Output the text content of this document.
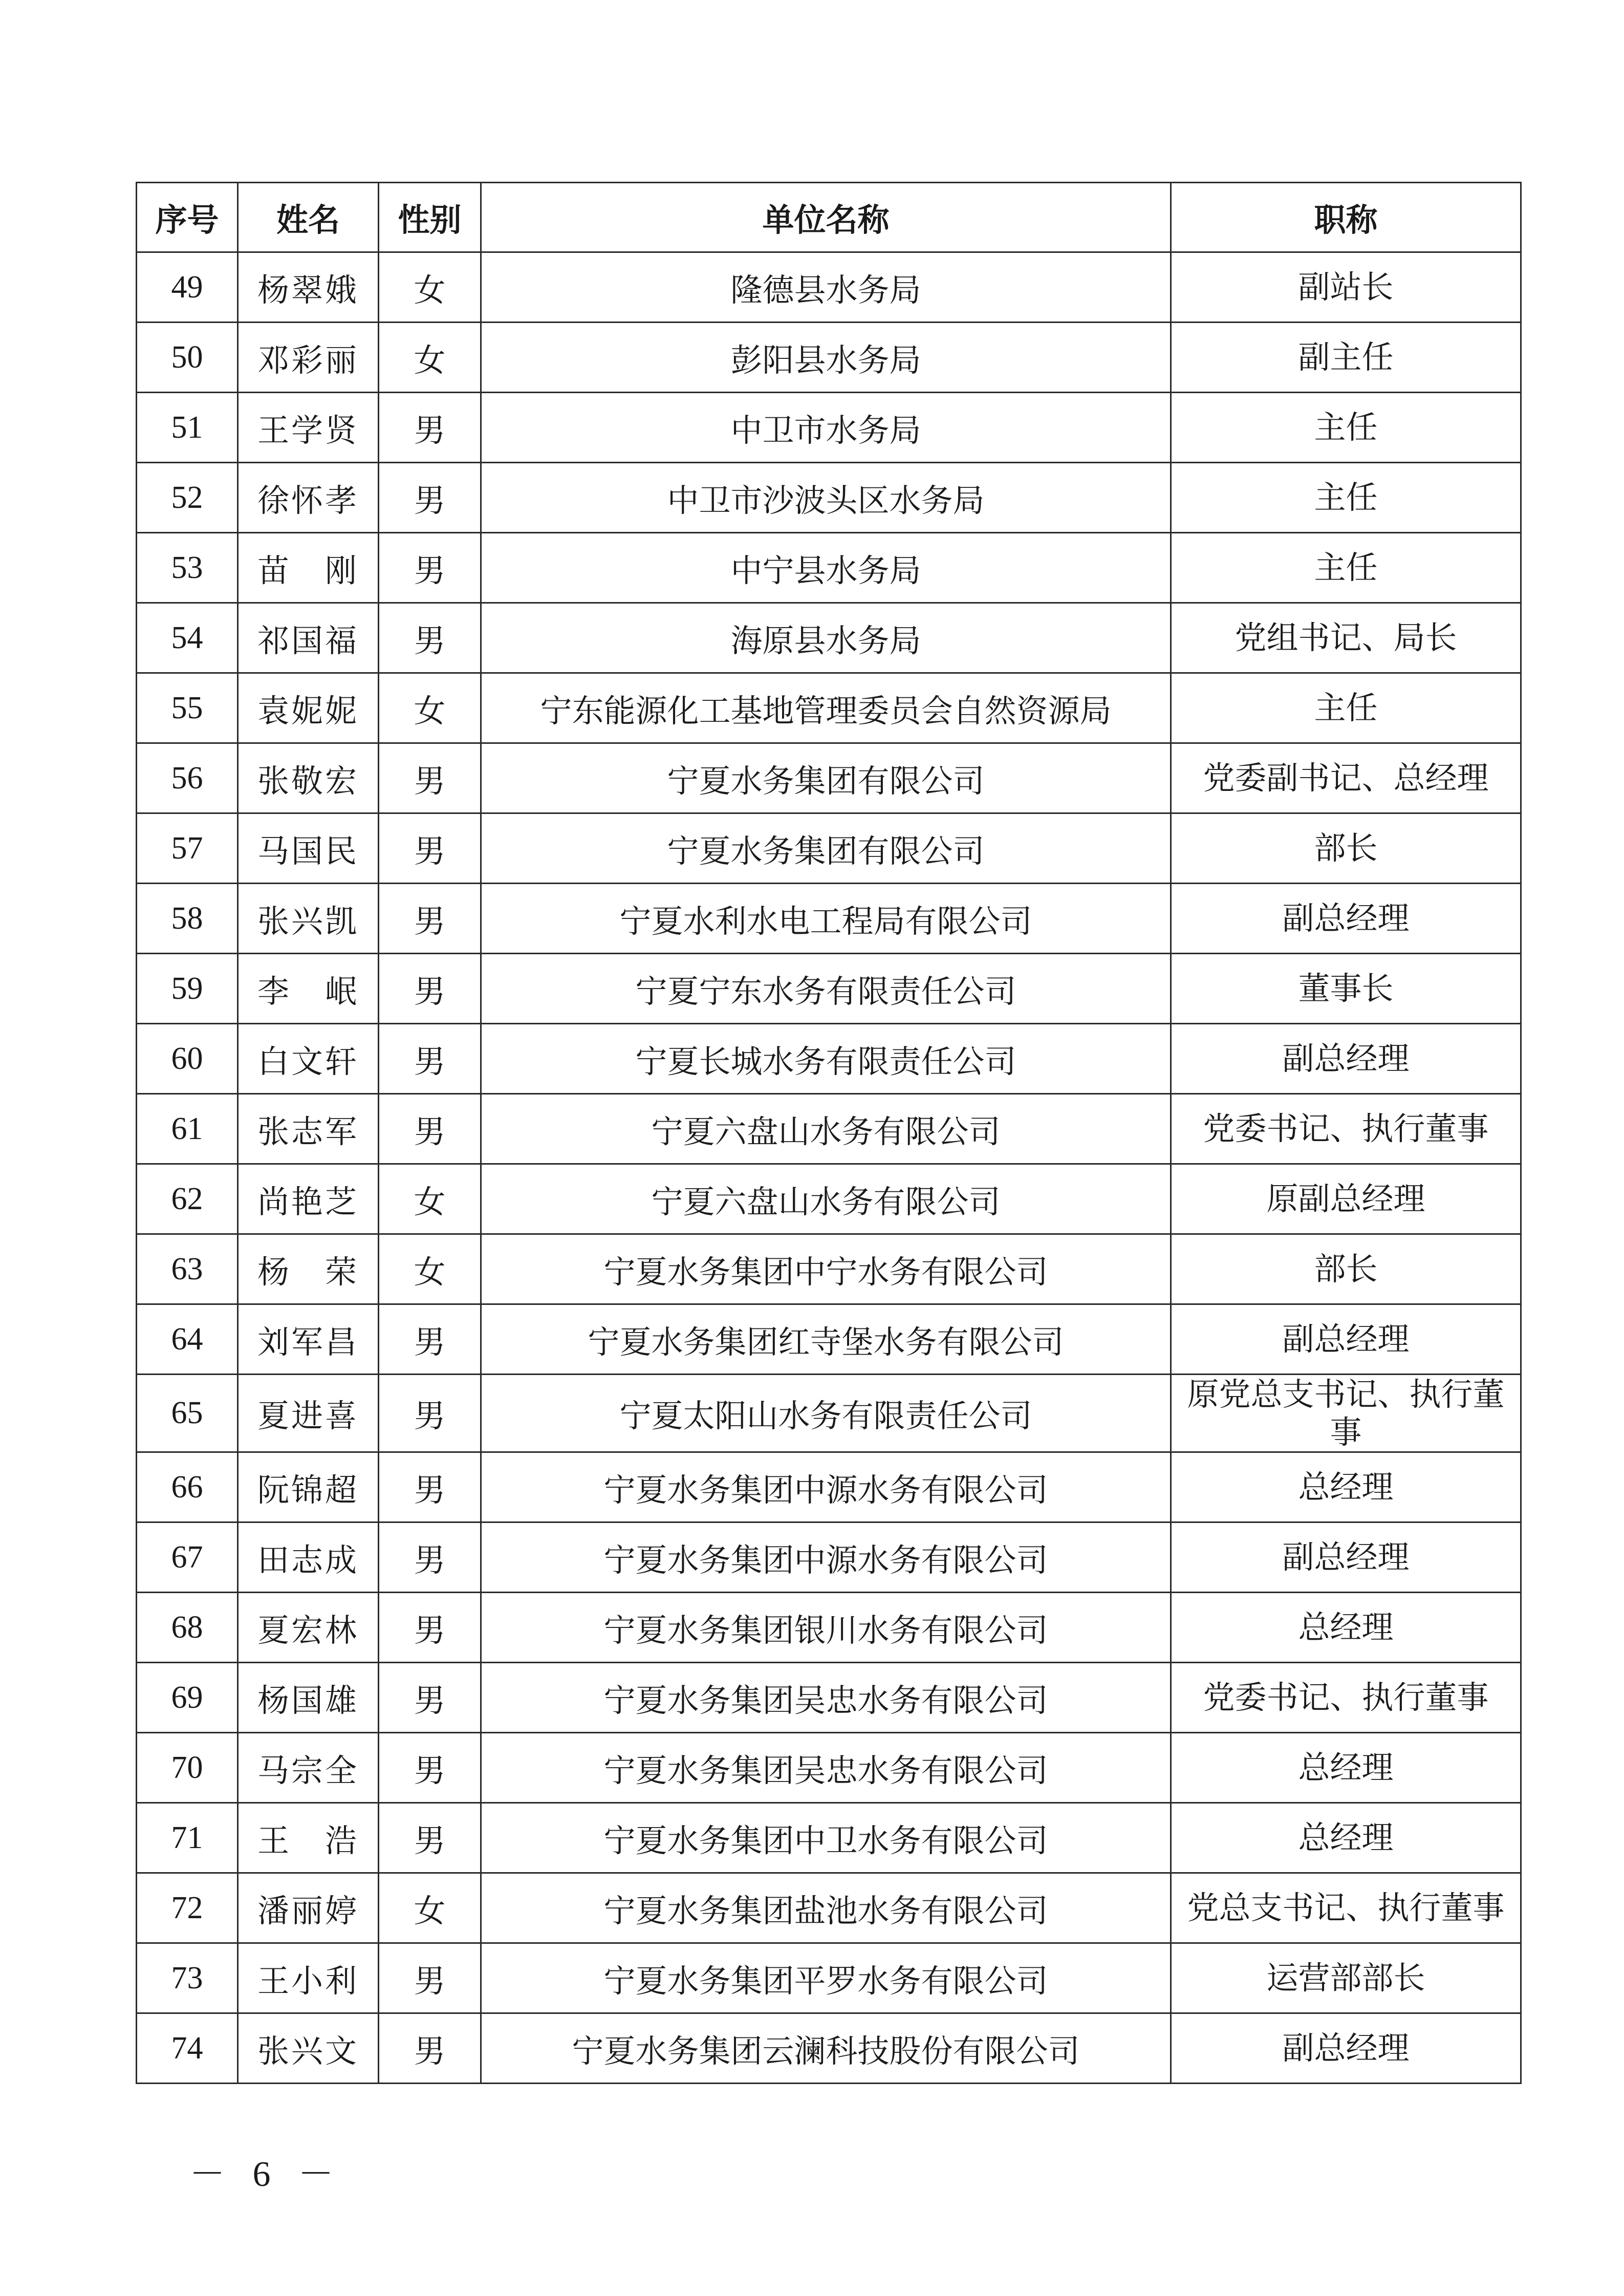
序号	姓名	性别	单位名称	职称
49	杨翠娥	女	隆德县水务局	副站长
50	邓彩丽	女	彭阳县水务局	副主任
51	王学贤	男	中卫市水务局	主任
52	徐怀孝	男	中卫市沙波头区水务局	主任
53	苗　刚	男	中宁县水务局	主任
54	祁国福	男	海原县水务局	党组书记、局长
55	袁妮妮	女	宁东能源化工基地管理委员会自然资源局	主任
56	张敬宏	男	宁夏水务集团有限公司	党委副书记、总经理
57	马国民	男	宁夏水务集团有限公司	部长
58	张兴凯	男	宁夏水利水电工程局有限公司	副总经理
59	李　岷	男	宁夏宁东水务有限责任公司	董事长
60	白文轩	男	宁夏长城水务有限责任公司	副总经理
61	张志军	男	宁夏六盘山水务有限公司	党委书记、执行董事
62	尚艳芝	女	宁夏六盘山水务有限公司	原副总经理
63	杨　荣	女	宁夏水务集团中宁水务有限公司	部长
64	刘军昌	男	宁夏水务集团红寺堡水务有限公司	副总经理
65	夏进喜	男	宁夏太阳山水务有限责任公司	原党总支书记、执行董事
66	阮锦超	男	宁夏水务集团中源水务有限公司	总经理
67	田志成	男	宁夏水务集团中源水务有限公司	副总经理
68	夏宏林	男	宁夏水务集团银川水务有限公司	总经理
69	杨国雄	男	宁夏水务集团吴忠水务有限公司	党委书记、执行董事
70	马宗全	男	宁夏水务集团吴忠水务有限公司	总经理
71	王　浩	男	宁夏水务集团中卫水务有限公司	总经理
72	潘丽婷	女	宁夏水务集团盐池水务有限公司	党总支书记、执行董事
73	王小利	男	宁夏水务集团平罗水务有限公司	运营部部长
74	张兴文	男	宁夏水务集团云澜科技股份有限公司	副总经理
－ 6 －
